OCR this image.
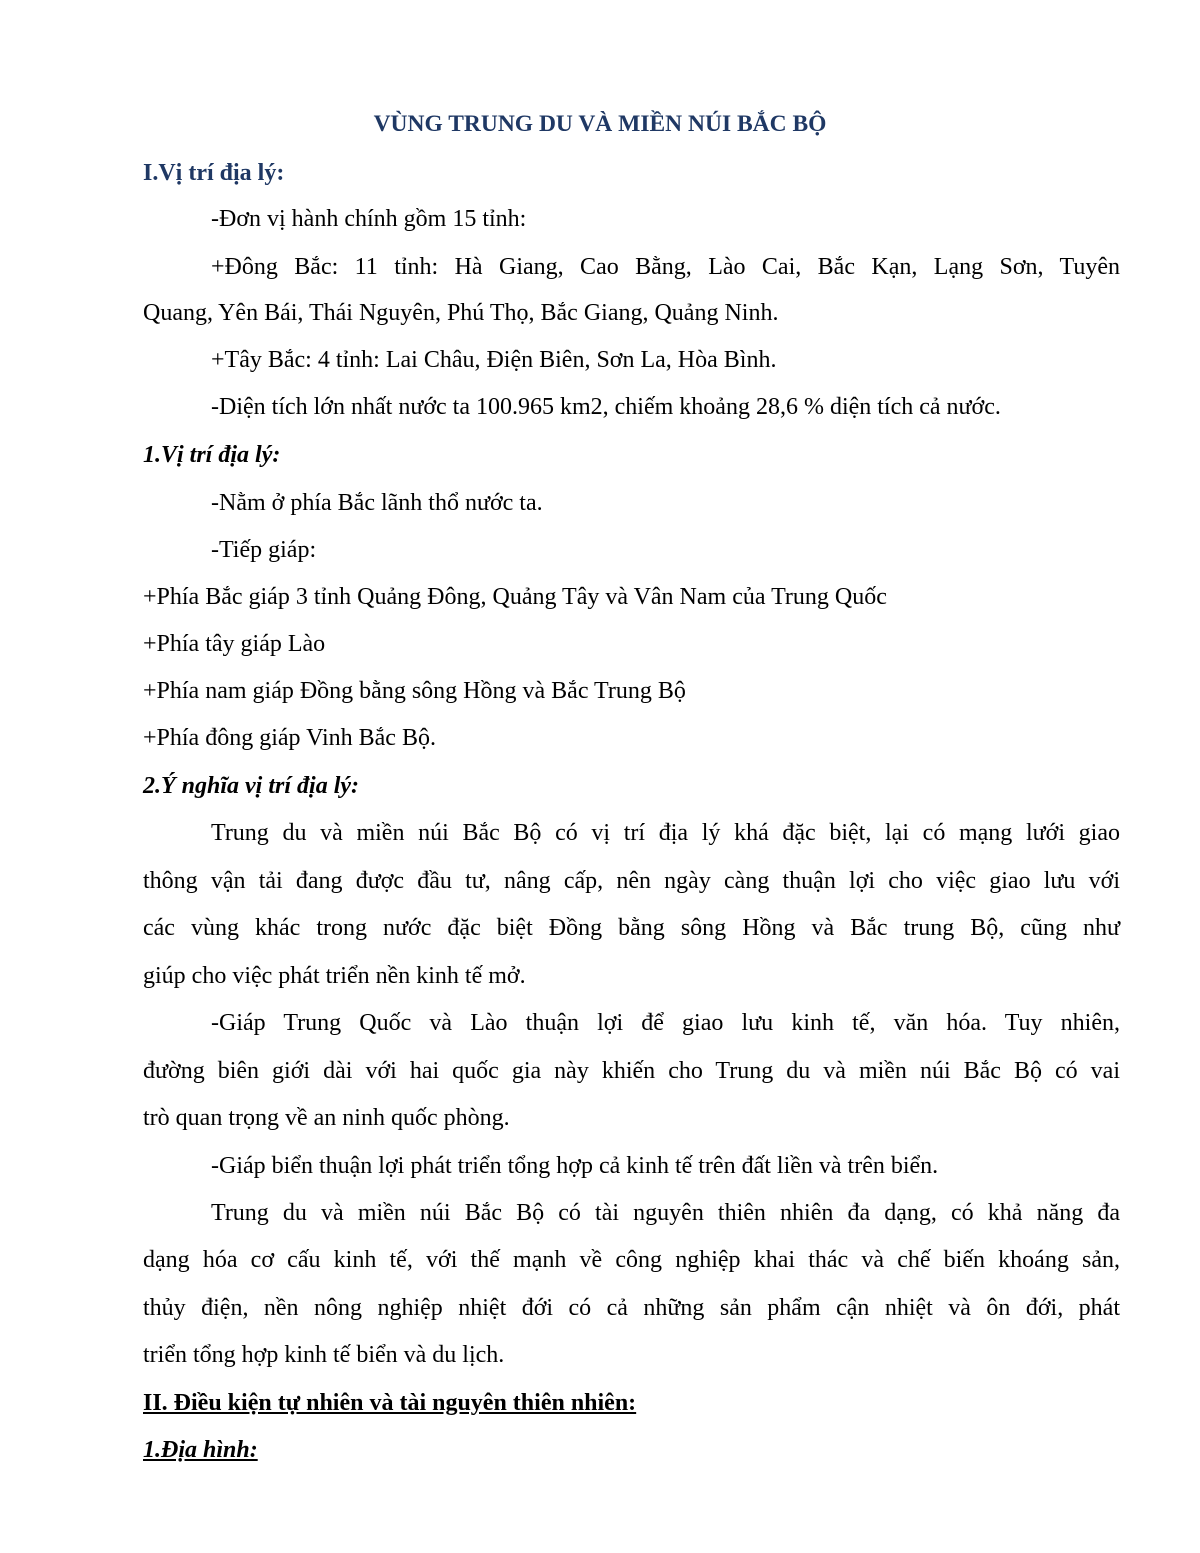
VÙNG TRUNG DU VÀ MIỀN NÚI BẮC BỘ
I.Vị trí địa lý:
-Đơn vị hành chính gồm 15 tỉnh:
+Đông Bắc: 11 tỉnh: Hà Giang, Cao Bằng, Lào Cai, Bắc Kạn, Lạng Sơn, Tuyên
Quang, Yên Bái, Thái Nguyên, Phú Thọ, Bắc Giang, Quảng Ninh.
+Tây Bắc: 4 tỉnh: Lai Châu, Điện Biên, Sơn La, Hòa Bình.
-Diện tích lớn nhất nước ta 100.965 km2, chiếm khoảng 28,6 % diện tích cả nước.
1.Vị trí địa lý:
-Nằm ở phía Bắc lãnh thổ nước ta.
-Tiếp giáp:
+Phía Bắc giáp 3 tỉnh Quảng Đông, Quảng Tây và Vân Nam của Trung Quốc
+Phía tây giáp Lào
+Phía nam giáp Đồng bằng sông Hồng và Bắc Trung Bộ
+Phía đông giáp Vinh Bắc Bộ.
2.Ý nghĩa vị trí địa lý:
Trung du và miền núi Bắc Bộ có vị trí địa lý khá đặc biệt, lại có mạng lưới giao
thông vận tải đang được đầu tư, nâng cấp, nên ngày càng thuận lợi cho việc giao lưu với
các vùng khác trong nước đặc biệt Đồng bằng sông Hồng và Bắc trung Bộ, cũng như
giúp cho việc phát triển nền kinh tế mở.
-Giáp Trung Quốc và Lào thuận lợi để giao lưu kinh tế, văn hóa. Tuy nhiên,
đường biên giới dài với hai quốc gia này khiến cho Trung du và miền núi Bắc Bộ có vai
trò quan trọng về an ninh quốc phòng.
-Giáp biển thuận lợi phát triển tổng hợp cả kinh tế trên đất liền và trên biển.
Trung du và miền núi Bắc Bộ có tài nguyên thiên nhiên đa dạng, có khả năng đa
dạng hóa cơ cấu kinh tế, với thế mạnh về công nghiệp khai thác và chế biến khoáng sản,
thủy điện, nền nông nghiệp nhiệt đới có cả những sản phẩm cận nhiệt và ôn đới, phát
triển tổng hợp kinh tế biển và du lịch.
II. Điều kiện tự nhiên và tài nguyên thiên nhiên:
1.Địa hình:
